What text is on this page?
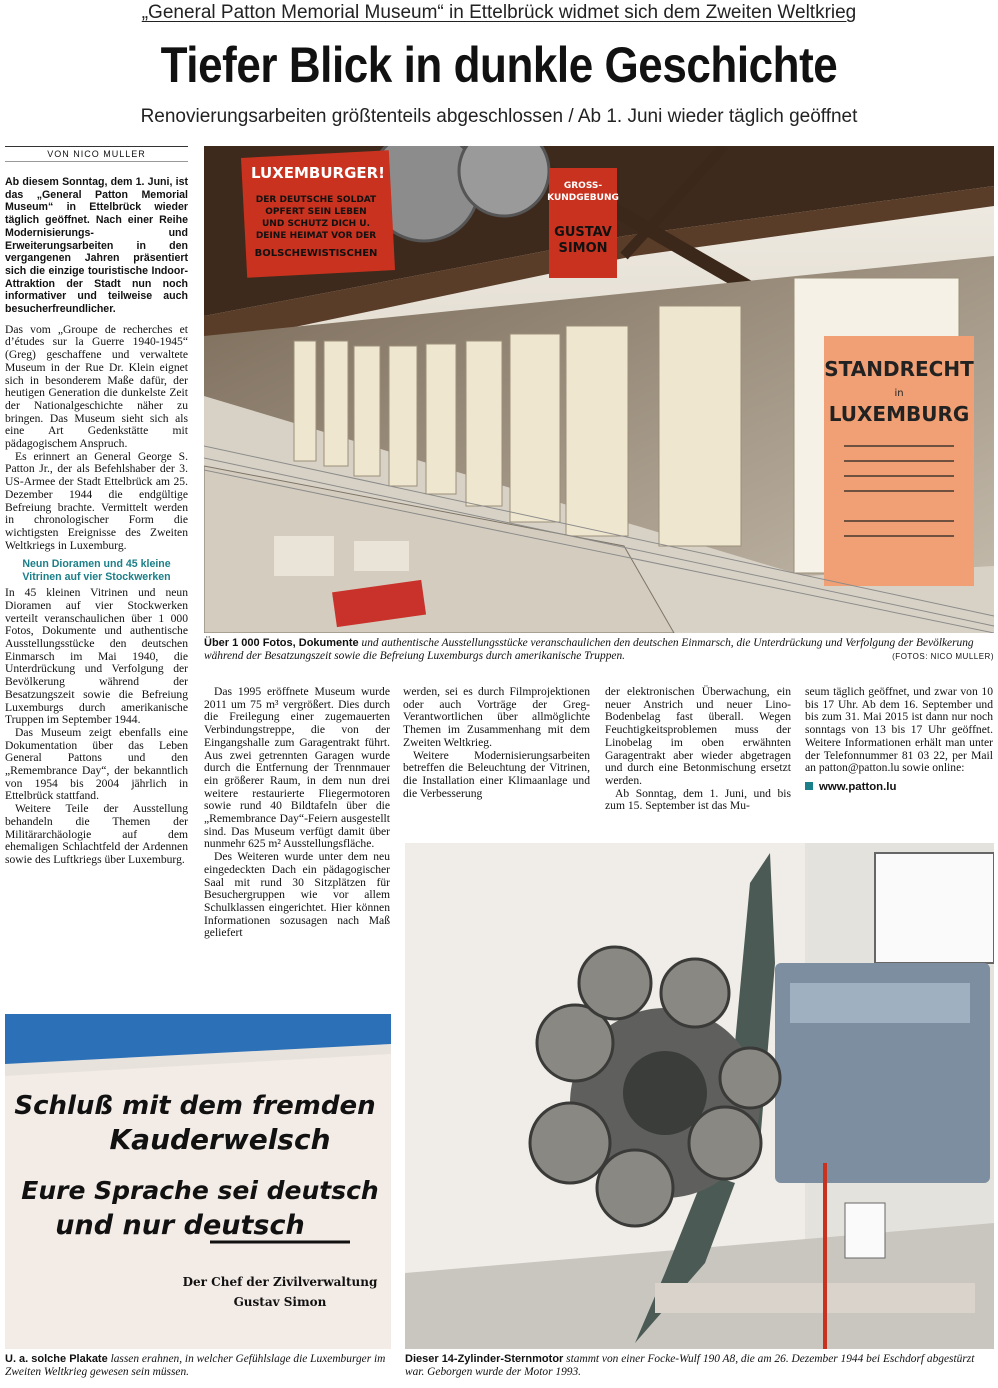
„General Patton Memorial Museum“ in Ettelbrück widmet sich dem Zweiten Weltkrieg
Tiefer Blick in dunkle Geschichte
Renovierungsarbeiten größtenteils abgeschlossen / Ab 1. Juni wieder täglich geöffnet
VON NICO MULLER
Ab diesem Sonntag, dem 1. Juni, ist das „General Patton Memorial Museum“ in Ettelbrück wieder täglich geöffnet. Nach einer Reihe Modernisierungs- und Erweiterungsarbeiten in den vergangenen Jahren präsentiert sich die einzige touristische Indoor-Attraktion der Stadt nun noch informativer und teilweise auch besucherfreundlicher.

Das vom „Groupe de recherches et d’études sur la Guerre 1940-1945“ (Greg) geschaffene und verwaltete Museum in der Rue Dr. Klein eignet sich in besonderem Maße dafür, der heutigen Generation die dunkelste Zeit der Nationalgeschichte näher zu bringen. Das Museum sieht sich als eine Art Gedenkstätte mit pädagogischem Anspruch.

Es erinnert an General George S. Patton Jr., der als Befehlshaber der 3. US-Armee der Stadt Ettelbrück am 25. Dezember 1944 die endgültige Befreiung brachte. Vermittelt werden in chronologischer Form die wichtigsten Ereignisse des Zweiten Weltkriegs in Luxemburg.

Neun Dioramen und 45 kleine Vitrinen auf vier Stockwerken

In 45 kleinen Vitrinen und neun Dioramen auf vier Stockwerken verteilt veranschaulichen über 1 000 Fotos, Dokumente und authentische Ausstellungsstücke den deutschen Einmarsch im Mai 1940, die Unterdrückung und Verfolgung der Bevölkerung während der Besatzungszeit sowie die Befreiung Luxemburgs durch amerikanische Truppen im September 1944.

Das Museum zeigt ebenfalls eine Dokumentation über das Leben General Pattons und den „Remembrance Day“, der bekanntlich von 1954 bis 2004 jährlich in Ettelbrück stattfand.

Weitere Teile der Ausstellung behandeln die Themen der Militärarchäologie auf dem ehemaligen Schlachtfeld der Ardennen sowie des Luftkriegs über Luxemburg.

STANDRECHT
in
LUXEMBURG
LUXEMBURGER!
DER DEUTSCHE SOLDAT
OPFERT SEIN LEBEN
UND SCHUTZ DICH U.
DEINE HEIMAT VOR DER
BOLSCHEWISTISCHEN
GROSS-
KUNDGEBUNG
GUSTAV
SIMON
Über 1 000 Fotos, Dokumente und authentische Ausstellungsstücke veranschaulichen den deutschen Einmarsch, die Unterdrückung und Verfolgung der Bevölkerung während der Besatzungszeit sowie die Befreiung Luxemburgs durch amerikanische Truppen.	(FOTOS: NICO MULLER)

Das 1995 eröffnete Museum wurde 2011 um 75 m³ vergrößert. Dies durch die Freilegung einer zugemauerten Verbindungstreppe, die von der Eingangshalle zum Garagentrakt führt. Aus zwei getrennten Garagen wurde durch die Entfernung der Trennmauer ein größerer Raum, in dem nun drei weitere restaurierte Fliegermotoren sowie rund 40 Bildtafeln über die „Remembrance Day“-Feiern ausgestellt sind. Das Museum verfügt damit über nunmehr 625 m² Ausstellungsfläche.

Des Weiteren wurde unter dem neu eingedeckten Dach ein pädagogischer Saal mit rund 30 Sitzplätzen für Besuchergruppen wie vor allem Schulklassen eingerichtet. Hier können Informationen sozusagen nach Maß geliefert

werden, sei es durch Filmprojektionen oder auch Vorträge der Greg-Verantwortlichen über allmöglichte Themen im Zusammenhang mit dem Zweiten Weltkrieg.

Weitere Modernisierungsarbeiten betreffen die Beleuchtung der Vitrinen, die Installation einer Klimaanlage und die Verbesserung

der elektronischen Überwachung, ein neuer Anstrich und neuer Lino-Bodenbelag fast überall. Wegen Feuchtigkeitsproblemen muss der Linobelag im oben erwähnten Garagentrakt aber wieder abgetragen und durch eine Betonmischung ersetzt werden.

Ab Sonntag, dem 1. Juni, und bis zum 15. September ist das Mu-

seum täglich geöffnet, und zwar von 10 bis 17 Uhr. Ab dem 16. September und bis zum 31. Mai 2015 ist dann nur noch sonntags von 13 bis 17 Uhr geöffnet. Weitere Informationen erhält man unter der Telefonnummer 81 03 22, per Mail an patton@patton.lu sowie online:

www.patton.lu
Schluß mit dem fremden
Kauderwelsch
Eure Sprache sei deutsch
und nur deutsch
Der Chef der Zivilverwaltung
Gustav Simon
U. a. solche Plakate lassen erahnen, in welcher Gefühlslage die Luxemburger im Zweiten Weltkrieg gewesen sein müssen.
Dieser 14-Zylinder-Sternmotor stammt von einer Focke-Wulf 190 A8, die am 26. Dezember 1944 bei Eschdorf abgestürzt war. Geborgen wurde der Motor 1993.
